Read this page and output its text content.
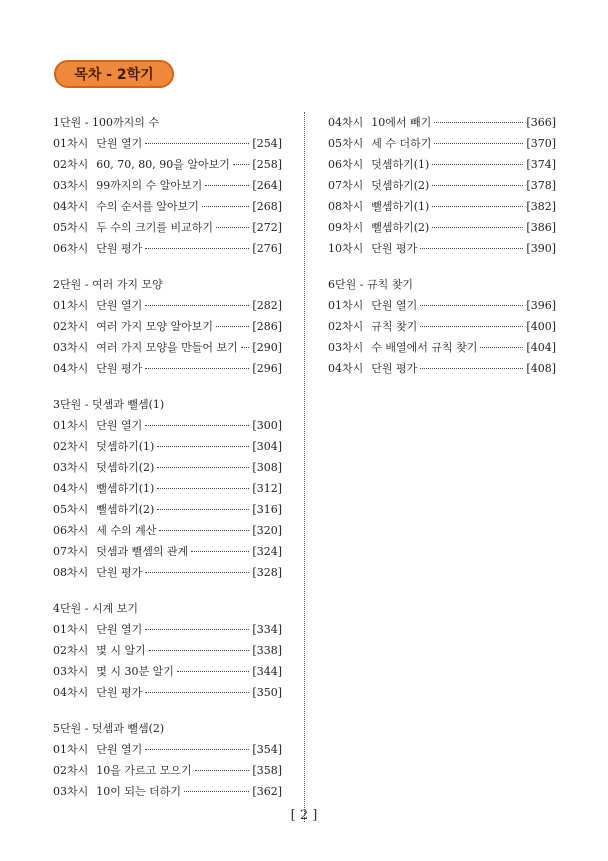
목차 - 2학기
1단원 - 100까지의 수
01차시 단원 열기	[254]
02차시 60, 70, 80, 90을 알아보기 [258]
03차시 99까지의 수 알아보기	[264]
04차시 수의 순서를 알아보기	[268]
05차시 두 수의 크기를 비교하기	[272]
06차시 단원 평가	[276]
2단원 - 여러 가지 모양
01차시 단원 열기	[282]
02차시 여러 가지 모양 알아보기	[286]
03차시 여러 가지 모양을 만들어 보기 [290]
04차시 단원 평가	[296]
3단원 - 덧셈과 뺄셈(1)
01차시 단원 열기	[300]
02차시 덧셈하기(1)	[304]
03차시 덧셈하기(2)	[308]
04차시 뺄셈하기(1)	[312]
05차시 뺄셈하기(2)	[316]
06차시 세 수의 계산	[320]
07차시 덧셈과 뺄셈의 관계	[324]
08차시 단원 평가	[328]
4단원 - 시계 보기
01차시 단원 열기	[334]
02차시 몇 시 알기	[338]
03차시 몇 시 30분 알기	[344]
04차시 단원 평가	[350]
5단원 - 덧셈과 뺄셈(2)
01차시 단원 열기	[354]
02차시 10을 가르고 모으기	[358]
03차시 10이 되는 더하기	[362]
04차시 10에서 빼기	[366]
05차시 세 수 더하기	[370]
06차시 덧셈하기(1)	[374]
07차시 덧셈하기(2)	[378]
08차시 뺄셈하기(1)	[382]
09차시 뺄셈하기(2)	[386]
10차시 단원 평가	[390]
6단원 - 규칙 찾기
01차시 단원 열기	[396]
02차시 규칙 찾기	[400]
03차시 수 배열에서 규칙 찾기	[404]
04차시 단원 평가	[408]
[ 2 ]
